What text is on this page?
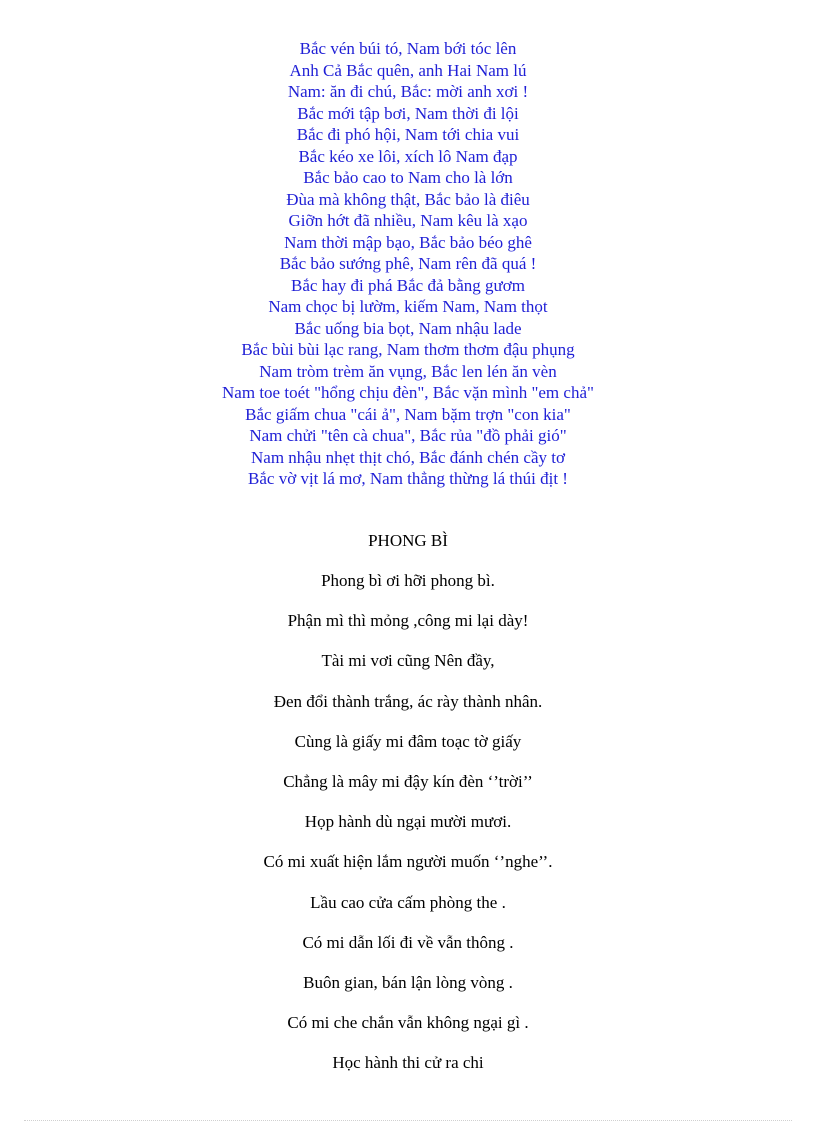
Bắc vén búi tó, Nam bới tóc lên
Anh Cả Bắc quên, anh Hai Nam lú
Nam: ăn đi chú, Bắc: mời anh xơi !
Bắc mới tập bơi, Nam thời đi lội
Bắc đi phó hội, Nam tới chia vui
Bắc kéo xe lôi, xích lô Nam đạp
Bắc bảo cao to Nam cho là lớn
Đùa mà không thật, Bắc bảo là điêu
Giỡn hớt đã nhiều, Nam kêu là xạo
Nam thời mập bạo, Bắc bảo béo ghê
Bắc bảo sướng phê, Nam rên đã quá !
Bắc hay đi phá Bắc đả bằng gươm
Nam chọc bị lườm, kiếm Nam, Nam thọt
Bắc uống bia bọt, Nam nhậu lade
Bắc bùi bùi lạc rang, Nam thơm thơm đậu phụng
Nam tròm trèm ăn vụng, Bắc len lén ăn vèn
Nam toe toét "hổng chịu đèn", Bắc vặn mình "em chả"
Bắc giấm chua "cái ả", Nam bặm trợn "con kia"
Nam chửi "tên cà chua", Bắc rủa "đồ phải gió"
Nam nhậu nhẹt thịt chó, Bắc đánh chén cầy tơ
Bắc vờ vịt lá mơ, Nam thẳng thừng lá thúi địt !
PHONG BÌ
Phong bì ơi hỡi phong bì.
Phận mì thì mỏng ,công mi lại dày!
Tài mi vơi cũng Nên đầy,
Đen đổi thành trắng, ác rày thành nhân.
Cùng là giấy mi đâm toạc tờ giấy
Chẳng là mây mi đậy kín đèn ‘’trời’’
Họp hành dù ngại mười mươi.
Có mi xuất hiện lắm người muốn ‘’nghe’’.
Lầu cao cửa cấm phòng the .
Có mi dẫn lối đi về vẫn thông .
Buôn gian, bán lận lòng vòng .
Có mi che chắn vẫn không ngại gì .
Học hành thi cử ra chi
